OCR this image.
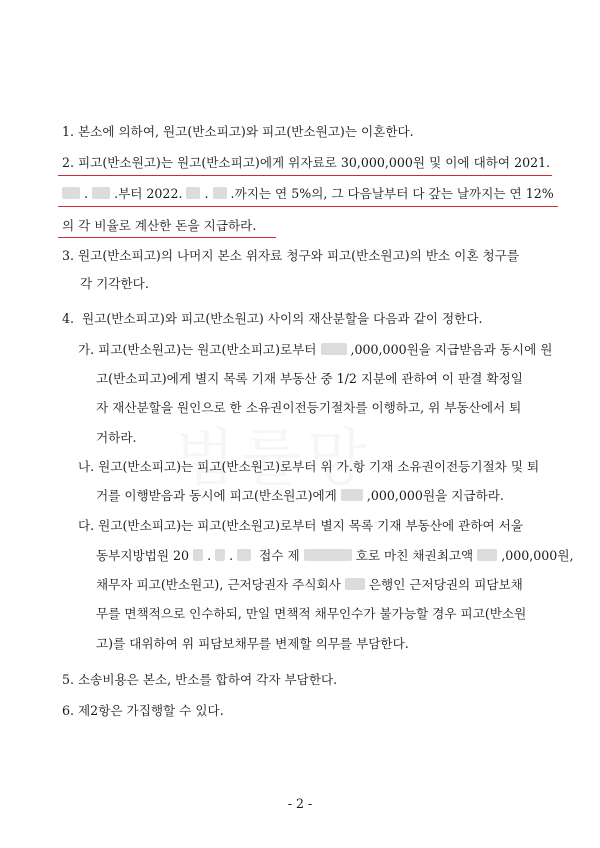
1. 본소에 의하여, 원고(반소피고)와 피고(반소원고)는 이혼한다.
2. 피고(반소원고)는 원고(반소피고)에게 위자료로 30,000,000원 및 이에 대하여 2021.
. .부터 2022. . .까지는 연 5%의, 그 다음날부터 다 갚는 날까지는 연 12%
의 각 비율로 계산한 돈을 지급하라.
3. 원고(반소피고)의 나머지 본소 위자료 청구와 피고(반소원고)의 반소 이혼 청구를
각 기각한다.
4.  원고(반소피고)와 피고(반소원고) 사이의 재산분할을 다음과 같이 정한다.
가. 피고(반소원고)는 원고(반소피고)로부터	,000,000원을 지급받음과 동시에 원
고(반소피고)에게 별지 목록 기재 부동산 중 1/2 지분에 관하여 이 판결 확정일
자 재산분할을 원인으로 한 소유권이전등기절차를 이행하고, 위 부동산에서 퇴
거하라.
나. 원고(반소피고)는 피고(반소원고)로부터 위 가.항 기재 소유권이전등기절차 및 퇴
거를 이행받음과 동시에 피고(반소원고)에게 ,000,000원을 지급하라.
다. 원고(반소피고)는 피고(반소원고)로부터 별지 목록 기재 부동산에 관하여 서울
동부지방법원 20 . .   접수 제	호로 마친 채권최고액 ,000,000원,
채무자 피고(반소원고), 근저당권자 주식회사 은행인 근저당권의 피담보채
무를 면책적으로 인수하되, 만일 면책적 채무인수가 불가능할 경우 피고(반소원
고)를 대위하여 위 피담보채무를 변제할 의무를 부담한다.
5. 소송비용은 본소, 반소를 합하여 각자 부담한다.
6. 제2항은 가집행할 수 있다.
- 2 -
